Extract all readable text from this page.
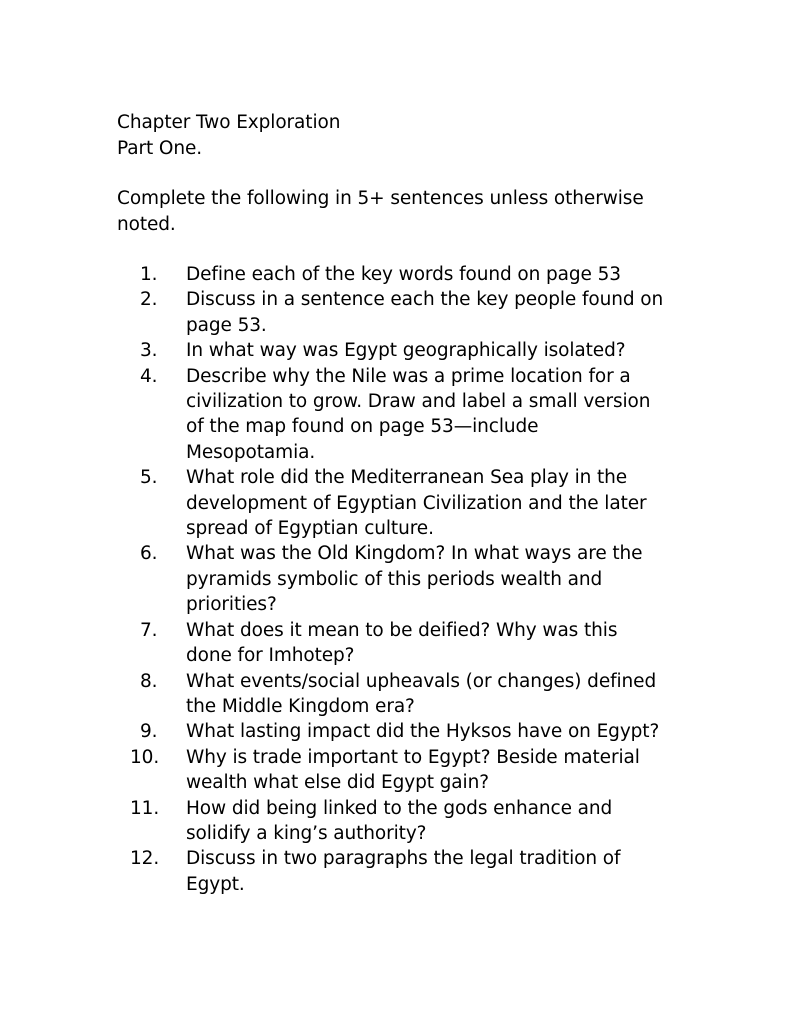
Chapter Two Exploration
Part One.
Complete the following in 5+ sentences unless otherwise
noted.
1.	Define each of the key words found on page 53
2.	Discuss in a sentence each the key people found on
page 53.
3.	In what way was Egypt geographically isolated?
4.	Describe why the Nile was a prime location for a
civilization to grow. Draw and label a small version
of the map found on page 53—include
Mesopotamia.
5.	What role did the Mediterranean Sea play in the
development of Egyptian Civilization and the later
spread of Egyptian culture.
6.	What was the Old Kingdom? In what ways are the
pyramids symbolic of this periods wealth and
priorities?
7.	What does it mean to be deified? Why was this
done for Imhotep?
8.	What events/social upheavals (or changes) defined
the Middle Kingdom era?
9.	What lasting impact did the Hyksos have on Egypt?
10.	Why is trade important to Egypt? Beside material
wealth what else did Egypt gain?
11.	How did being linked to the gods enhance and
solidify a king’s authority?
12.	Discuss in two paragraphs the legal tradition of
Egypt.
